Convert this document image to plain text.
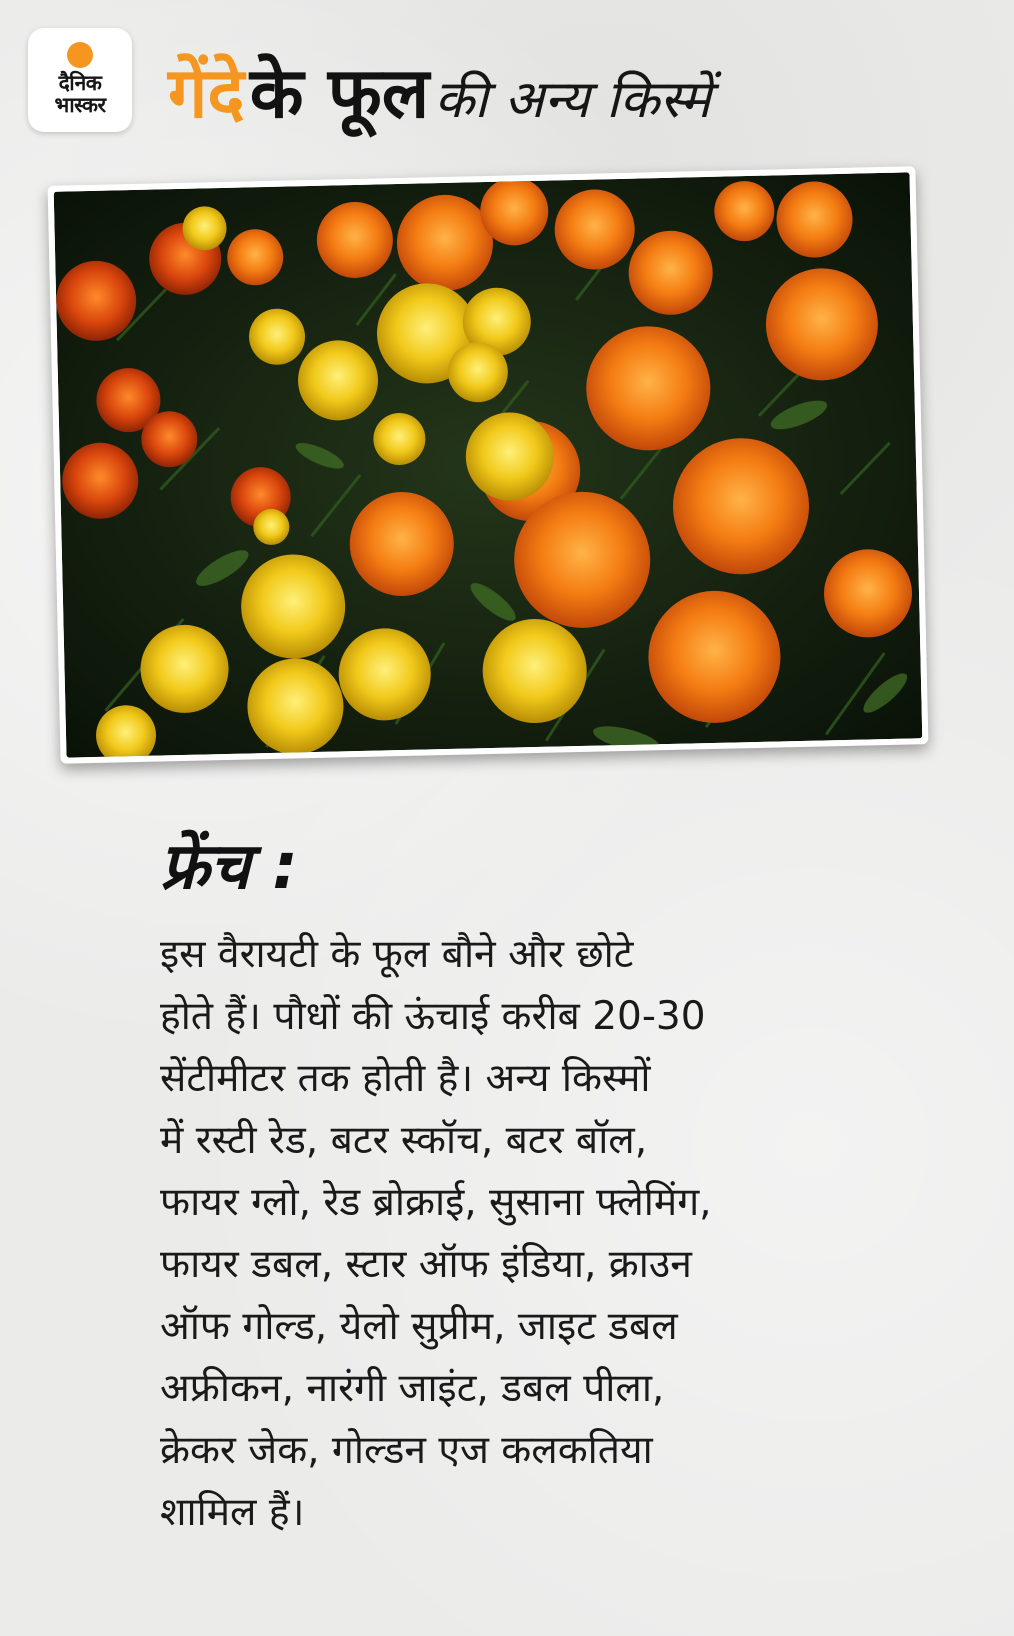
दैनिक
भास्कर गेंदे के फूल की अन्य किस्में
फ्रेंच :
इस वैरायटी के फूल बौने और छोटे
होते हैं। पौधों की ऊंचाई करीब 20-30
सेंटीमीटर तक होती है। अन्य किस्मों
में रस्टी रेड, बटर स्कॉच, बटर बॉल,
फायर ग्लो, रेड ब्रोक्राई, सुसाना फ्लेमिंग,
फायर डबल, स्टार ऑफ इंडिया, क्राउन
ऑफ गोल्ड, येलो सुप्रीम, जाइट डबल
अफ्रीकन, नारंगी जाइंट, डबल पीला,
क्रेकर जेक, गोल्डन एज कलकतिया
शामिल हैं।
